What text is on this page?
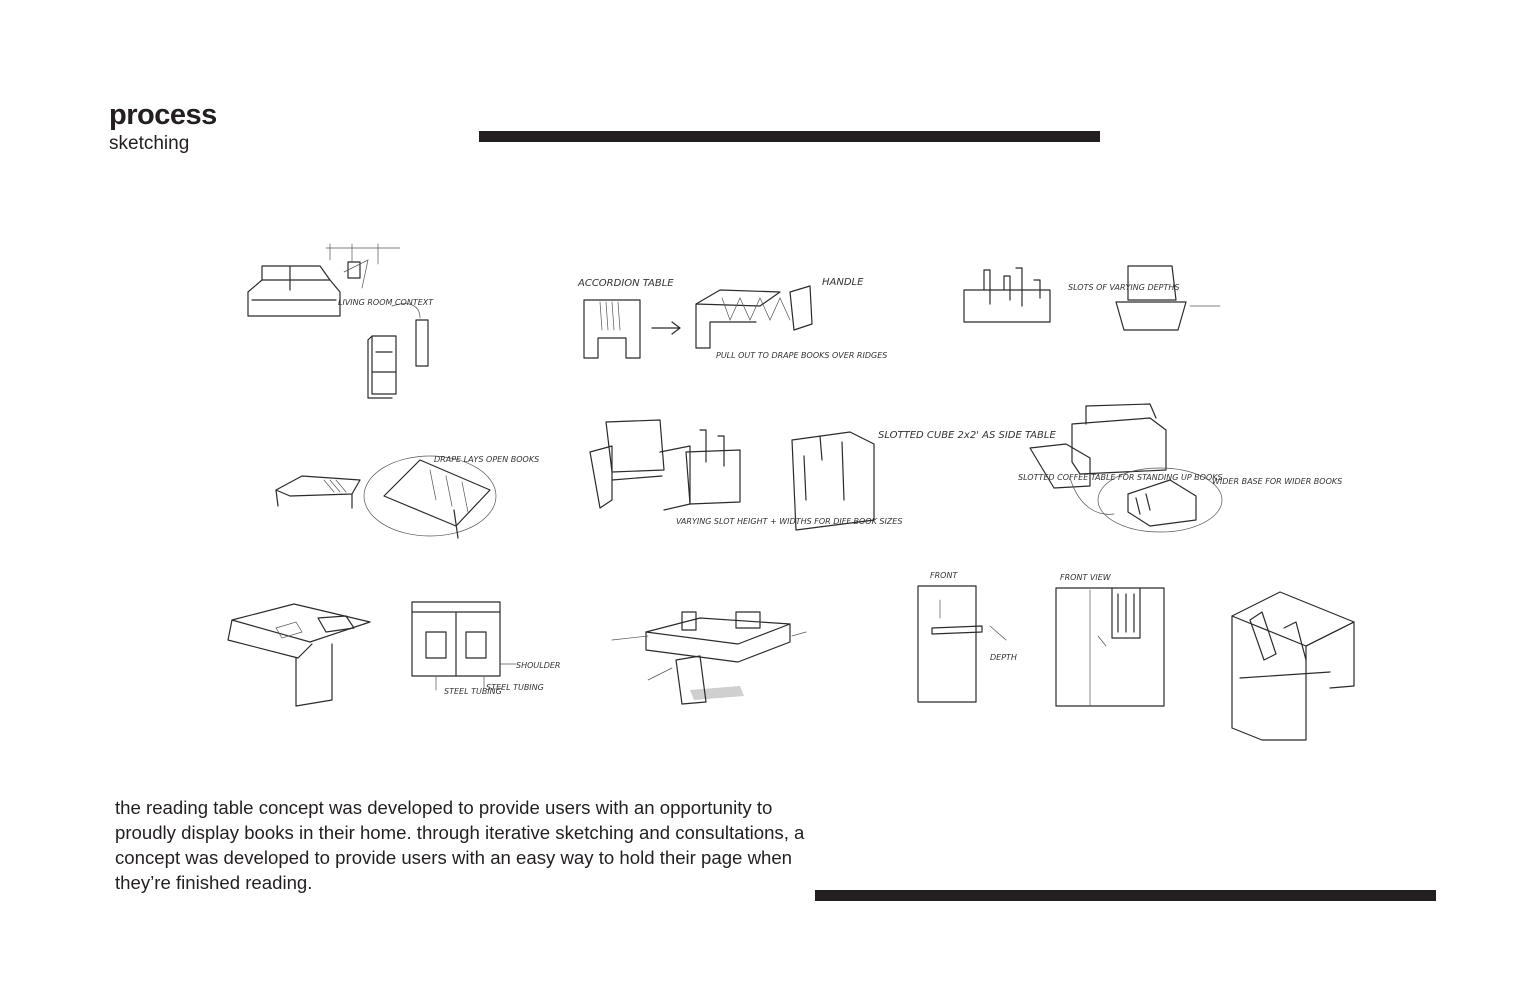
process
sketching
LIVING ROOM CONTEXT
ACCORDION TABLE	HANDLE
PULL OUT TO DRAPE BOOKS OVER RIDGES
SLOTS OF VARYING DEPTHS
DRAPE LAYS OPEN BOOKS
SLOTTED CUBE 2x2' AS SIDE TABLE
VARYING SLOT HEIGHT + WIDTHS FOR DIFF BOOK SIZES
SLOTTED COFFEE TABLE FOR STANDING UP BOOKS
WIDER BASE FOR WIDER BOOKS
STEEL TUBING
STEEL TUBING
SHOULDER
FRONT	FRONT VIEW
DEPTH
the reading table concept was developed to provide users with an opportunity to proudly display books in their home. through iterative sketching and consultations, a concept was developed to provide users with an easy way to hold their page when they’re finished reading.
